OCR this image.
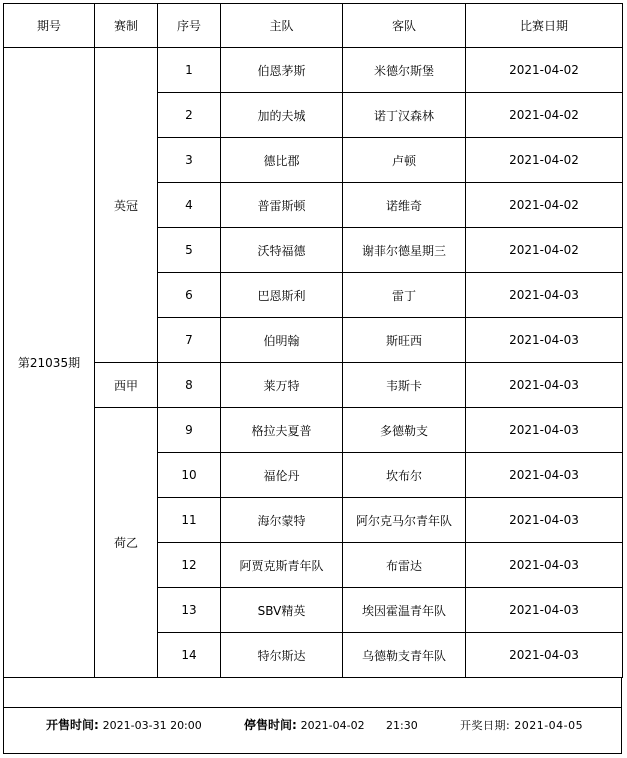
期号	赛制	序号	主队	客队	比赛日期
第21035期	英冠	1	伯恩茅斯	米德尔斯堡	2021-04-02
		2	加的夫城	诺丁汉森林	2021-04-02
		3	德比郡	卢顿	2021-04-02
		4	普雷斯顿	诺维奇	2021-04-02
		5	沃特福德	谢菲尔德星期三	2021-04-02
		6	巴恩斯利	雷丁	2021-04-03
		7	伯明翰	斯旺西	2021-04-03
	西甲	8	莱万特	韦斯卡	2021-04-03
	荷乙	9	格拉夫夏普	多德勒支	2021-04-03
		10	福伦丹	坎布尔	2021-04-03
		11	海尔蒙特	阿尔克马尔青年队	2021-04-03
		12	阿贾克斯青年队	布雷达	2021-04-03
		13	SBV精英	埃因霍温青年队	2021-04-03
		14	特尔斯达	乌德勒支青年队	2021-04-03
开售时间: 2021-03-31 20:00	停售时间: 2021-04-02 21:30	开奖日期: 2021-04-05
